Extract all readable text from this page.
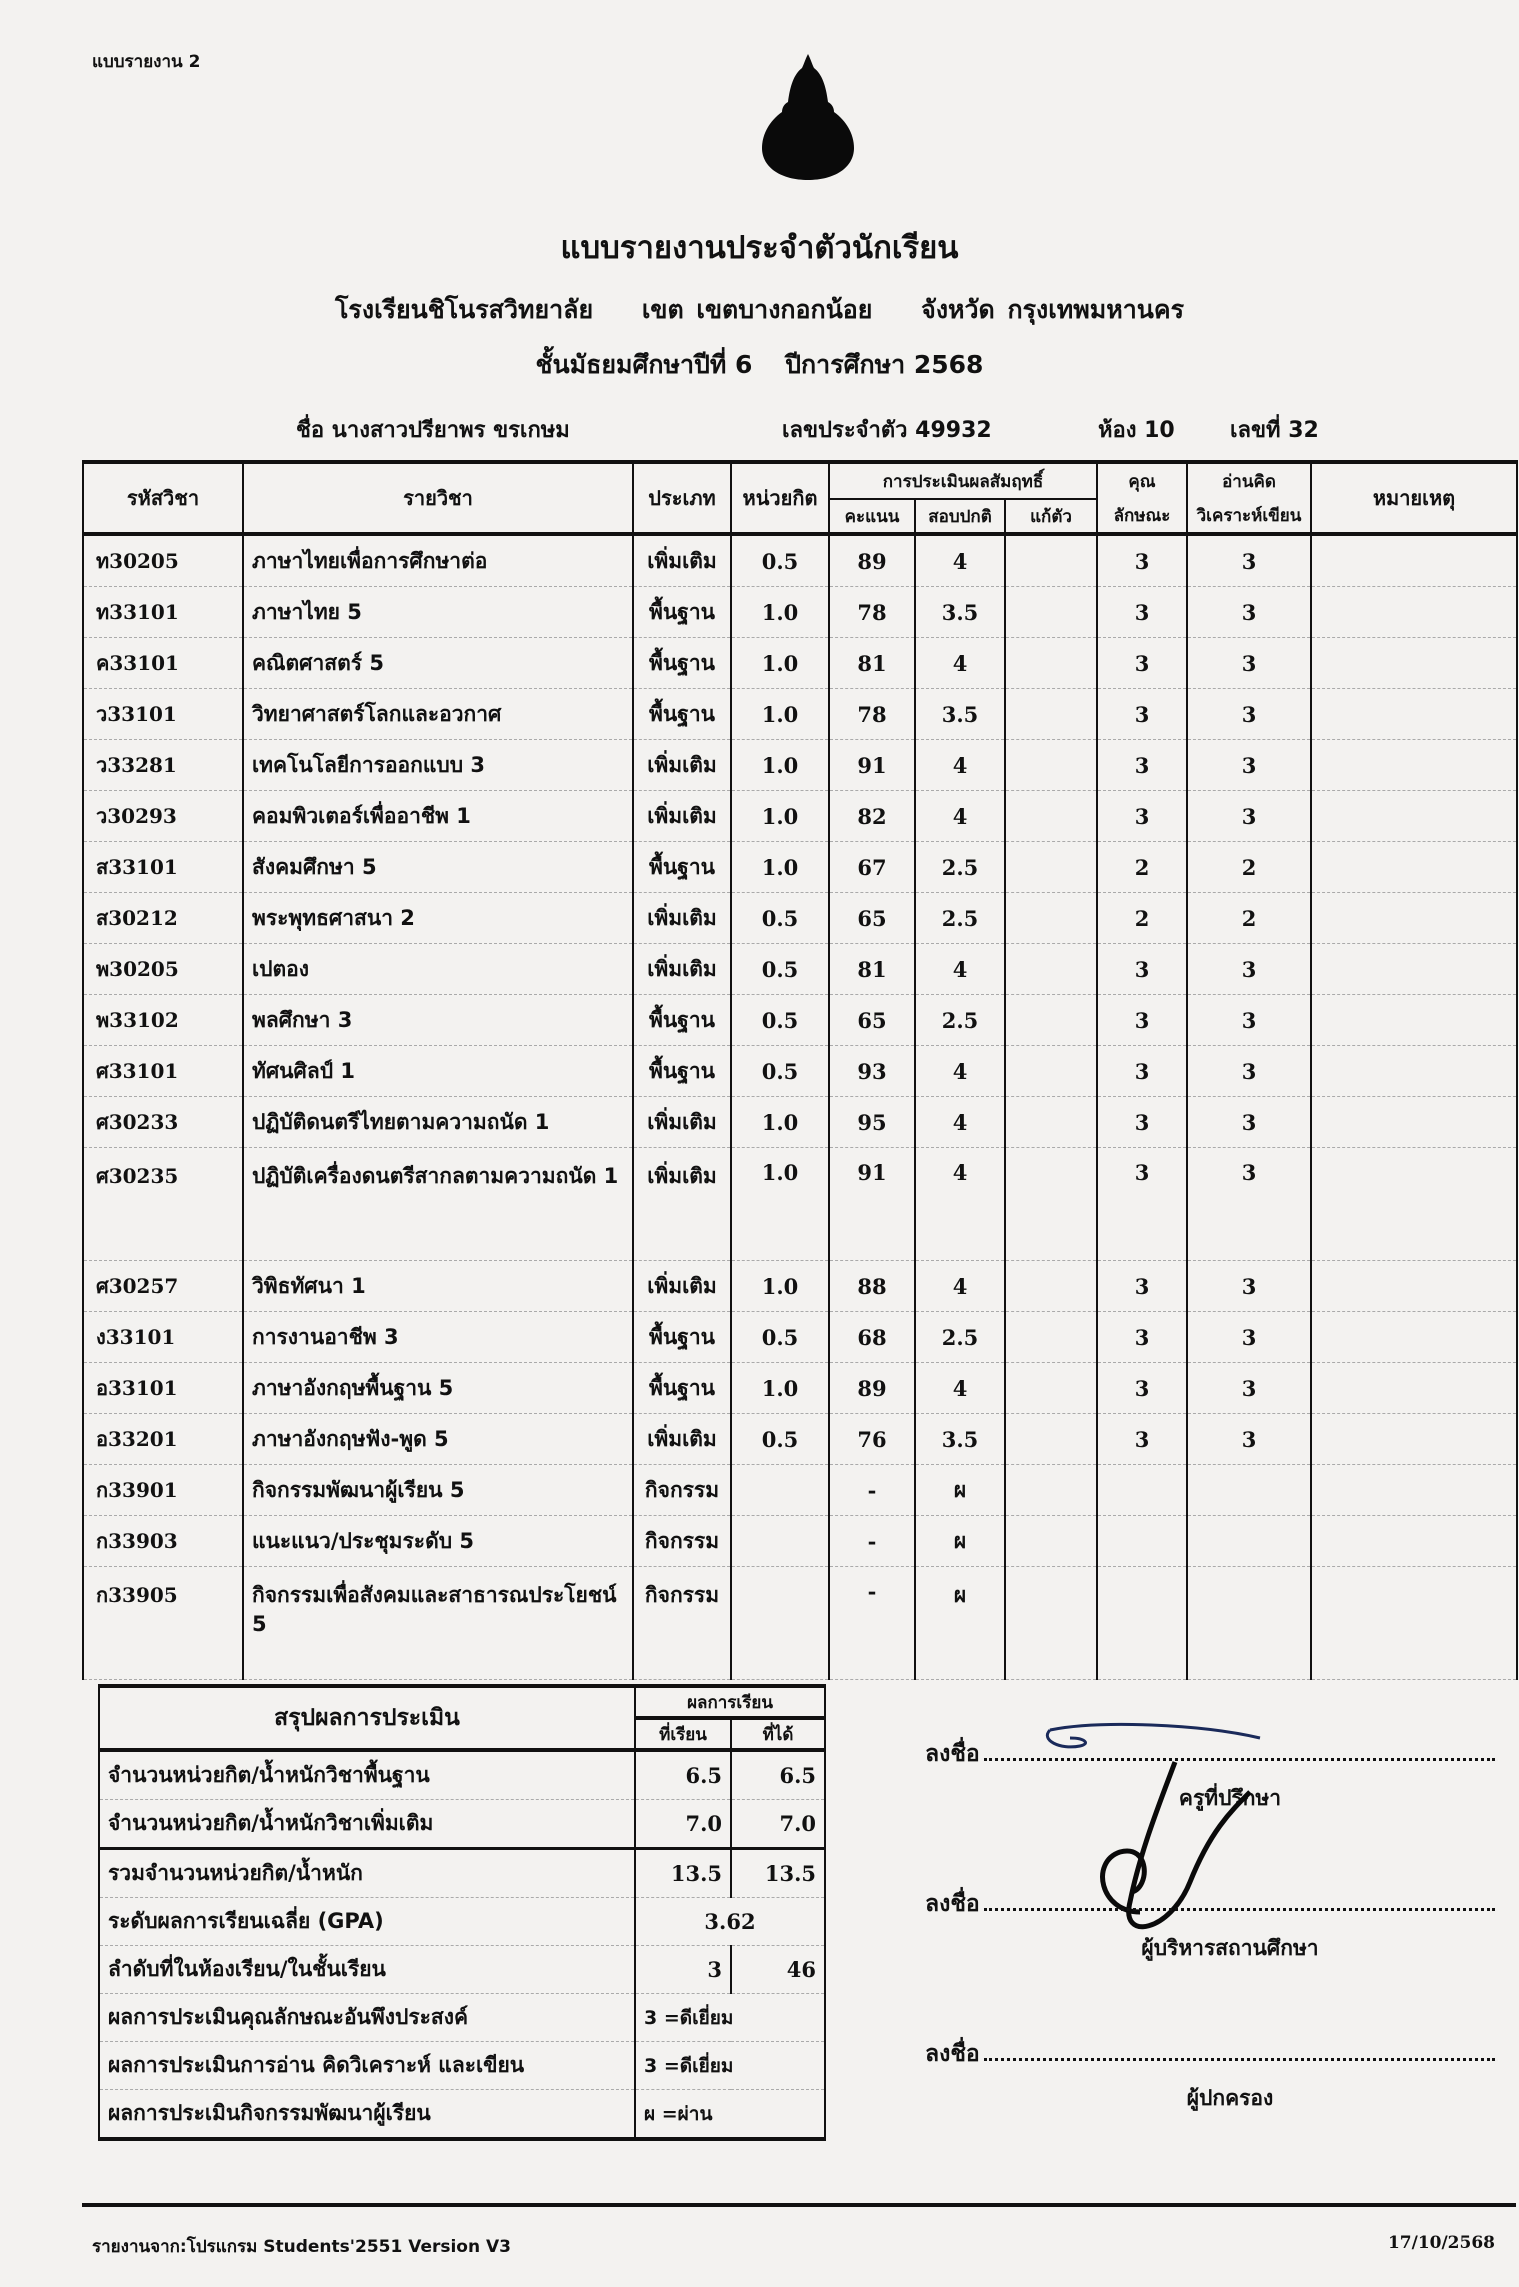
แบบรายงาน 2
แบบรายงานประจำตัวนักเรียน
โรงเรียนชิโนรสวิทยาลัย เขต เขตบางกอกน้อย จังหวัด กรุงเทพมหานคร
ชั้นมัธยมศึกษาปีที่ 6 ปีการศึกษา 2568
ชื่อ นางสาวปรียาพร ขรเกษม	เลขประจำตัว 49932	ห้อง 10	เลขที่ 32
รหัสวิชา	รายวิชา	ประเภท	หน่วยกิต	การประเมินผลสัมฤทธิ์			คุณ	อ่านคิด	หมายเหตุ
				คะแนน	สอบปกติ	แก้ตัว	ลักษณะ	วิเคราะห์เขียน	
ท30205	ภาษาไทยเพื่อการศึกษาต่อ	เพิ่มเติม	0.5	89	4		3	3	
ท33101	ภาษาไทย 5	พื้นฐาน	1.0	78	3.5		3	3	
ค33101	คณิตศาสตร์ 5	พื้นฐาน	1.0	81	4		3	3	
ว33101	วิทยาศาสตร์โลกและอวกาศ	พื้นฐาน	1.0	78	3.5		3	3	
ว33281	เทคโนโลยีการออกแบบ 3	เพิ่มเติม	1.0	91	4		3	3	
ว30293	คอมพิวเตอร์เพื่ออาชีพ 1	เพิ่มเติม	1.0	82	4		3	3	
ส33101	สังคมศึกษา 5	พื้นฐาน	1.0	67	2.5		2	2	
ส30212	พระพุทธศาสนา 2	เพิ่มเติม	0.5	65	2.5		2	2	
พ30205	เปตอง	เพิ่มเติม	0.5	81	4		3	3	
พ33102	พลศึกษา 3	พื้นฐาน	0.5	65	2.5		3	3	
ศ33101	ทัศนศิลป์ 1	พื้นฐาน	0.5	93	4		3	3	
ศ30233	ปฏิบัติดนตรีไทยตามความถนัด 1	เพิ่มเติม	1.0	95	4		3	3	
ศ30235	ปฏิบัติเครื่องดนตรีสากลตามความถนัด 1	เพิ่มเติม	1.0	91	4		3	3	
ศ30257	วิพิธทัศนา 1	เพิ่มเติม	1.0	88	4		3	3	
ง33101	การงานอาชีพ 3	พื้นฐาน	0.5	68	2.5		3	3	
อ33101	ภาษาอังกฤษพื้นฐาน 5	พื้นฐาน	1.0	89	4		3	3	
อ33201	ภาษาอังกฤษฟัง-พูด 5	เพิ่มเติม	0.5	76	3.5		3	3	
ก33901	กิจกรรมพัฒนาผู้เรียน 5	กิจกรรม		-	ผ				
ก33903	แนะแนว/ประชุมระดับ 5	กิจกรรม		-	ผ				
ก33905	กิจกรรมเพื่อสังคมและสาธารณประโยชน์ 5	กิจกรรม		-	ผ				
สรุปผลการประเมิน	ผลการเรียน	
	ที่เรียน	ที่ได้
จำนวนหน่วยกิต/น้ำหนักวิชาพื้นฐาน	6.5	6.5
จำนวนหน่วยกิต/น้ำหนักวิชาเพิ่มเติม	7.0	7.0
รวมจำนวนหน่วยกิต/น้ำหนัก	13.5	13.5
ระดับผลการเรียนเฉลี่ย (GPA)	3.62	
ลำดับที่ในห้องเรียน/ในชั้นเรียน	3	46
ผลการประเมินคุณลักษณะอันพึงประสงค์	3 =ดีเยี่ยม	
ผลการประเมินการอ่าน คิดวิเคราะห์ และเขียน	3 =ดีเยี่ยม	
ผลการประเมินกิจกรรมพัฒนาผู้เรียน	ผ =ผ่าน	
ลงชื่อ
ครูที่ปรึกษา
ลงชื่อ
ผู้บริหารสถานศึกษา
ลงชื่อ
ผู้ปกครอง
รายงานจาก:โปรแกรม Students'2551 Version V3	17/10/2568
